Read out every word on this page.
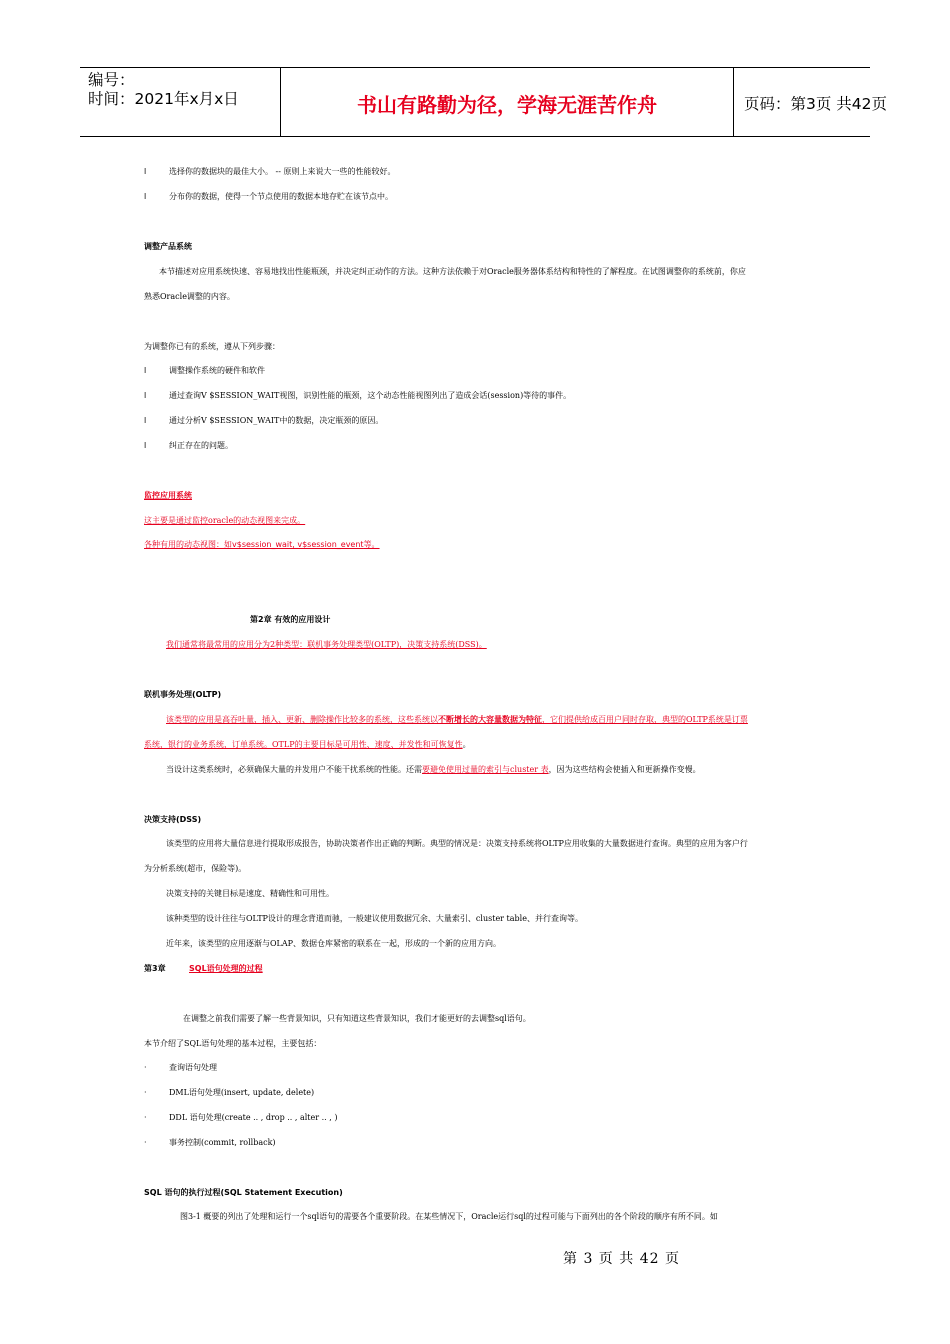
编号：
时间：2021年x月x日	书山有路勤为径，学海无涯苦作舟	页码：第3页 共42页
l	选择你的数据块的最佳大小。 -- 原则上来说大一些的性能较好。
l	分布你的数据，使得一个节点使用的数据本地存贮在该节点中。
调整产品系统
本节描述对应用系统快速、容易地找出性能瓶颈，并决定纠正动作的方法。这种方法依赖于对Oracle服务器体系结构和特性的了解程度。在试图调整你的系统前，你应
熟悉Oracle调整的内容。
为调整你已有的系统，遵从下列步骤：
l	调整操作系统的硬件和软件
l	通过查询V $SESSION_WAIT视图，识别性能的瓶颈，这个动态性能视图列出了造成会话(session)等待的事件。
l	通过分析V $SESSION_WAIT中的数据，决定瓶颈的原因。
l	纠正存在的问题。
监控应用系统
这主要是通过监控oracle的动态视图来完成。
各种有用的动态视图：如v$session_wait, v$session_event等。
第2章 有效的应用设计
我们通常将最常用的应用分为2种类型：联机事务处理类型(OLTP)，决策支持系统(DSS)。
联机事务处理(OLTP)
该类型的应用是高吞吐量，插入、更新、删除操作比较多的系统，这些系统以不断增长的大容量数据为特征，它们提供给成百用户同时存取，典型的OLTP系统是订票
系统，银行的业务系统，订单系统。OTLP的主要目标是可用性、速度、并发性和可恢复性。
当设计这类系统时，必须确保大量的并发用户不能干扰系统的性能。还需要避免使用过量的索引与cluster 表，因为这些结构会使插入和更新操作变慢。
决策支持(DSS)
该类型的应用将大量信息进行提取形成报告，协助决策者作出正确的判断。典型的情况是：决策支持系统将OLTP应用收集的大量数据进行查询。典型的应用为客户行
为分析系统(超市，保险等)。
决策支持的关键目标是速度、精确性和可用性。
该种类型的设计往往与OLTP设计的理念背道而驰，一般建议使用数据冗余、大量索引、cluster table、并行查询等。
近年来，该类型的应用逐渐与OLAP、数据仓库紧密的联系在一起，形成的一个新的应用方向。
第3章	SQL语句处理的过程
在调整之前我们需要了解一些背景知识，只有知道这些背景知识，我们才能更好的去调整sql语句。
本节介绍了SQL语句处理的基本过程，主要包括：
·	查询语句处理
·	DML语句处理(insert, update, delete)
·	DDL 语句处理(create .. , drop .. , alter .. , )
·	事务控制(commit, rollback)
SQL 语句的执行过程(SQL Statement Execution)
图3-1 概要的列出了处理和运行一个sql语句的需要各个重要阶段。在某些情况下，Oracle运行sql的过程可能与下面列出的各个阶段的顺序有所不同。如
第 3 页 共 42 页
